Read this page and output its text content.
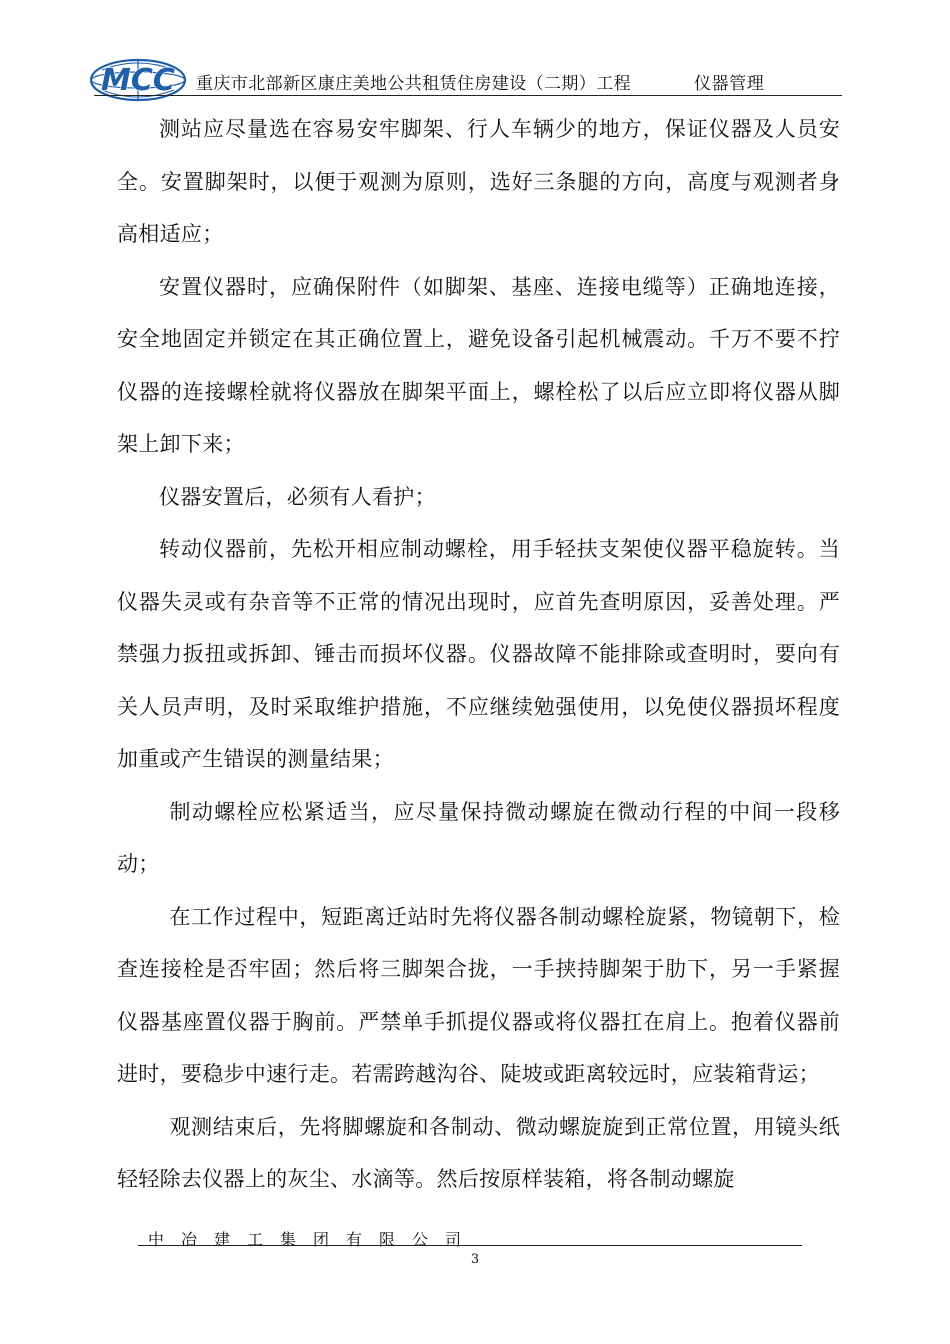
MCC 重庆市北部新区康庄美地公共租赁住房建设（二期）工程	仪器管理

测站应尽量选在容易安牢脚架、行人车辆少的地方，保证仪器及人员安全。安置脚架时，以便于观测为原则，选好三条腿的方向，高度与观测者身高相适应；

安置仪器时，应确保附件（如脚架、基座、连接电缆等）正确地连接，安全地固定并锁定在其正确位置上，避免设备引起机械震动。千万不要不拧仪器的连接螺栓就将仪器放在脚架平面上，螺栓松了以后应立即将仪器从脚架上卸下来；

仪器安置后，必须有人看护；

转动仪器前，先松开相应制动螺栓，用手轻扶支架使仪器平稳旋转。当仪器失灵或有杂音等不正常的情况出现时，应首先查明原因，妥善处理。严禁强力扳扭或拆卸、锤击而损坏仪器。仪器故障不能排除或查明时，要向有关人员声明，及时采取维护措施，不应继续勉强使用，以免使仪器损坏程度加重或产生错误的测量结果；

制动螺栓应松紧适当，应尽量保持微动螺旋在微动行程的中间一段移动；

在工作过程中，短距离迁站时先将仪器各制动螺栓旋紧，物镜朝下，检查连接栓是否牢固；然后将三脚架合拢，一手挟持脚架于肋下，另一手紧握仪器基座置仪器于胸前。严禁单手抓提仪器或将仪器扛在肩上。抱着仪器前进时，要稳步中速行走。若需跨越沟谷、陡坡或距离较远时，应装箱背运；

观测结束后，先将脚螺旋和各制动、微动螺旋旋到正常位置，用镜头纸轻轻除去仪器上的灰尘、水滴等。然后按原样装箱，将各制动螺旋

中冶建工集团有限公司
3
